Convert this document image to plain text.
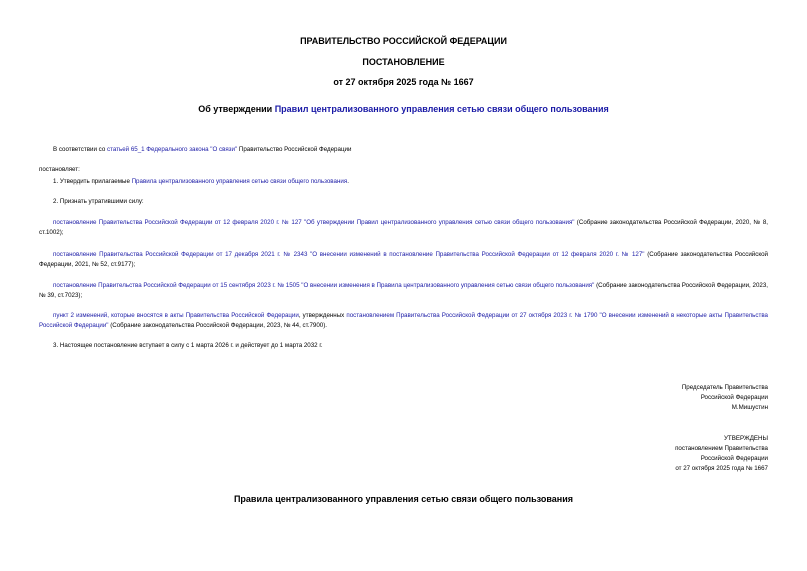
ПРАВИТЕЛЬСТВО РОССИЙСКОЙ ФЕДЕРАЦИИ
ПОСТАНОВЛЕНИЕ
от 27 октября 2025 года № 1667
Об утверждении Правил централизованного управления сетью связи общего пользования
В соответствии со статьей 65_1 Федерального закона "О связи" Правительство Российской Федерации
постановляет:
1. Утвердить прилагаемые Правила централизованного управления сетью связи общего пользования.
2. Признать утратившими силу:
постановление Правительства Российской Федерации от 12 февраля 2020 г. № 127 "Об утверждении Правил централизованного управления сетью связи общего пользования" (Собрание законодательства Российской Федерации, 2020, № 8, ст.1002);
постановление Правительства Российской Федерации от 17 декабря 2021 г. № 2343 "О внесении изменений в постановление Правительства Российской Федерации от 12 февраля 2020 г. № 127" (Собрание законодательства Российской Федерации, 2021, № 52, ст.9177);
постановление Правительства Российской Федерации от 15 сентября 2023 г. № 1505 "О внесении изменения в Правила централизованного управления сетью связи общего пользования" (Собрание законодательства Российской Федерации, 2023, № 39, ст.7023);
пункт 2 изменений, которые вносятся в акты Правительства Российской Федерации, утвержденных постановлением Правительства Российской Федерации от 27 октября 2023 г. № 1790 "О внесении изменений в некоторые акты Правительства Российской Федерации" (Собрание законодательства Российской Федерации, 2023, № 44, ст.7900).
3. Настоящее постановление вступает в силу с 1 марта 2026 г. и действует до 1 марта 2032 г.
Председатель Правительства
Российской Федерации
М.Мишустин
УТВЕРЖДЕНЫ
постановлением Правительства
Российской Федерации
от 27 октября 2025 года № 1667
Правила централизованного управления сетью связи общего пользования
